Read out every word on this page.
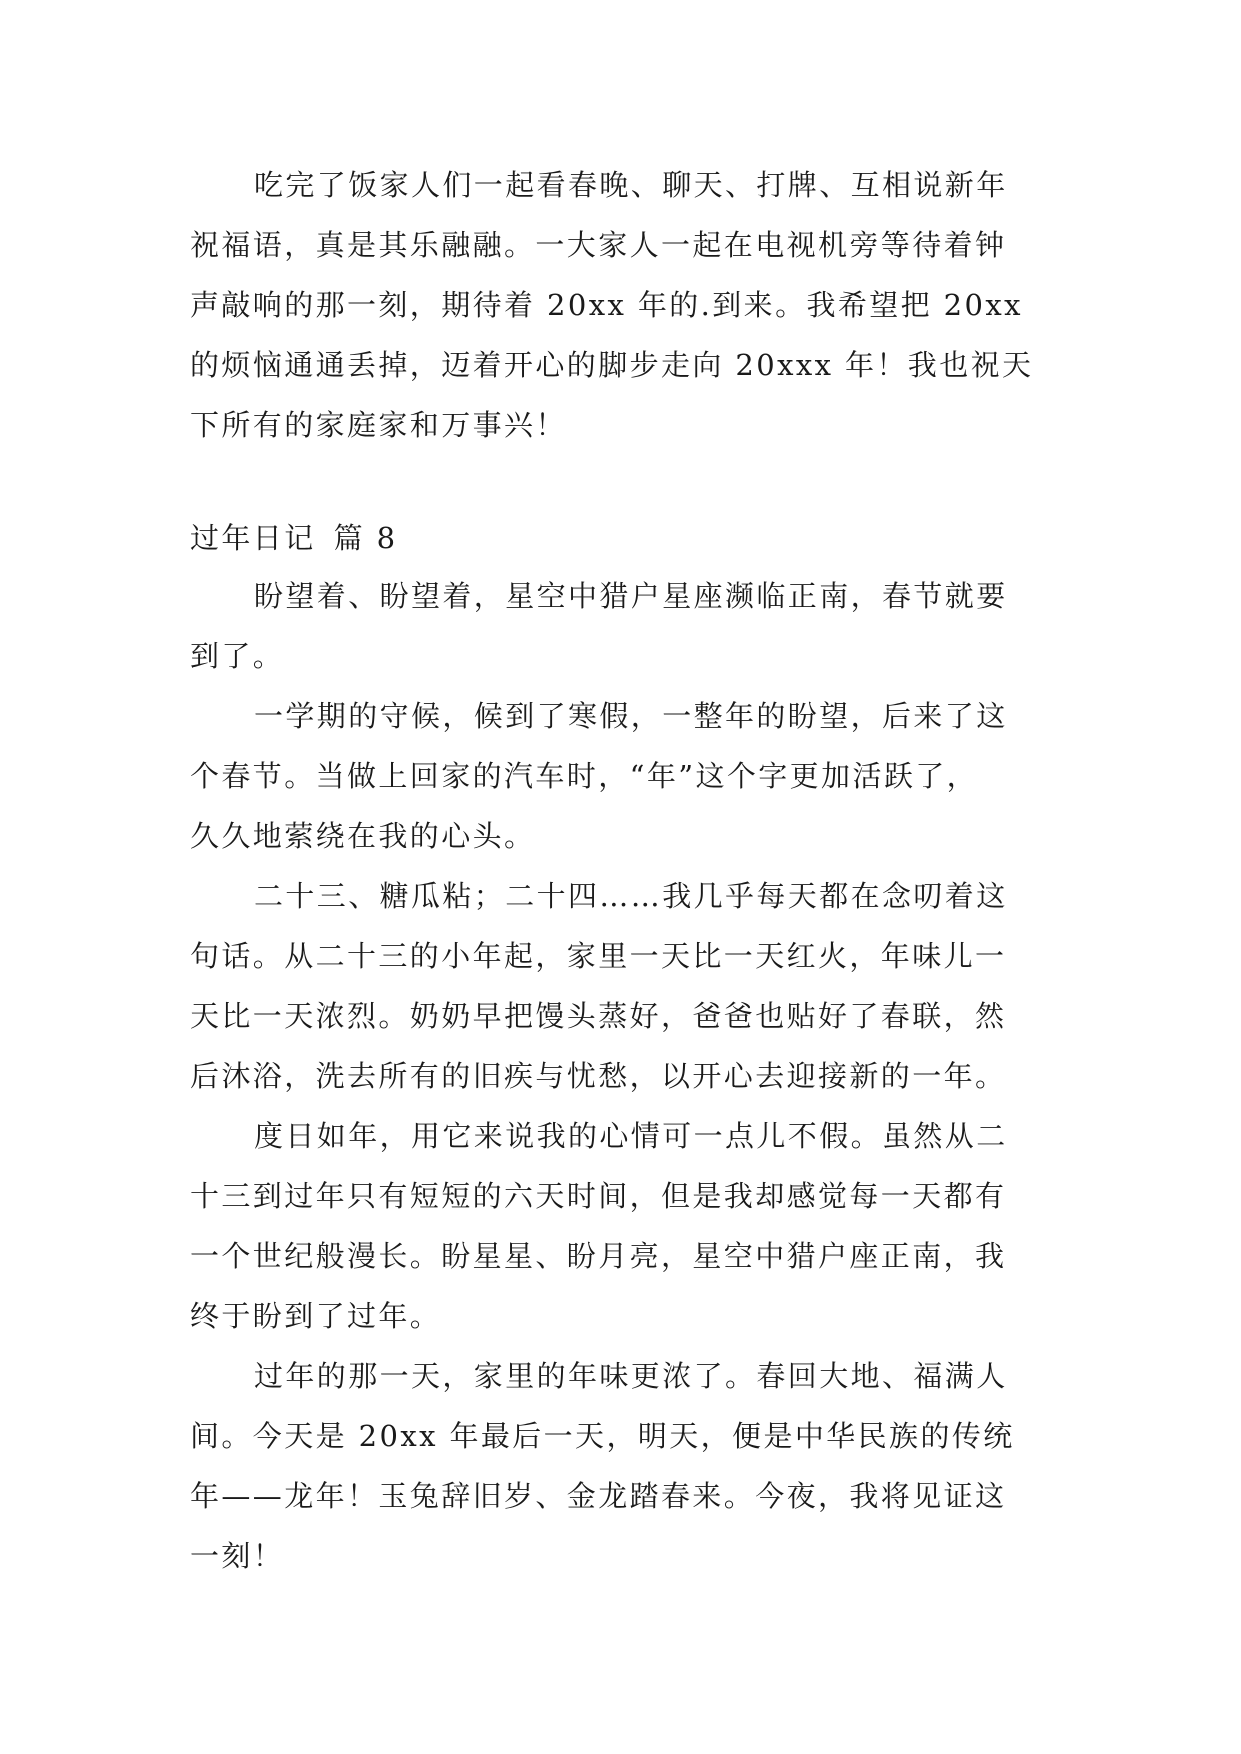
吃完了饭家人们一起看春晚、聊天、打牌、互相说新年
祝福语，真是其乐融融。一大家人一起在电视机旁等待着钟
声敲响的那一刻，期待着 20xx 年的.到来。我希望把 20xx
的烦恼通通丢掉，迈着开心的脚步走向 20xxx 年！我也祝天
下所有的家庭家和万事兴！
过年日记 篇 8
盼望着、盼望着，星空中猎户星座濒临正南，春节就要
到了。
一学期的守候，候到了寒假，一整年的盼望，后来了这
个春节。当做上回家的汽车时，“年”这个字更加活跃了，
久久地萦绕在我的心头。
二十三、糖瓜粘；二十四……我几乎每天都在念叨着这
句话。从二十三的小年起，家里一天比一天红火，年味儿一
天比一天浓烈。奶奶早把馒头蒸好，爸爸也贴好了春联，然
后沐浴，洗去所有的旧疾与忧愁，以开心去迎接新的一年。
度日如年，用它来说我的心情可一点儿不假。虽然从二
十三到过年只有短短的六天时间，但是我却感觉每一天都有
一个世纪般漫长。盼星星、盼月亮，星空中猎户座正南，我
终于盼到了过年。
过年的那一天，家里的年味更浓了。春回大地、福满人
间。今天是 20xx 年最后一天，明天，便是中华民族的传统
年——龙年！玉兔辞旧岁、金龙踏春来。今夜，我将见证这
一刻！
